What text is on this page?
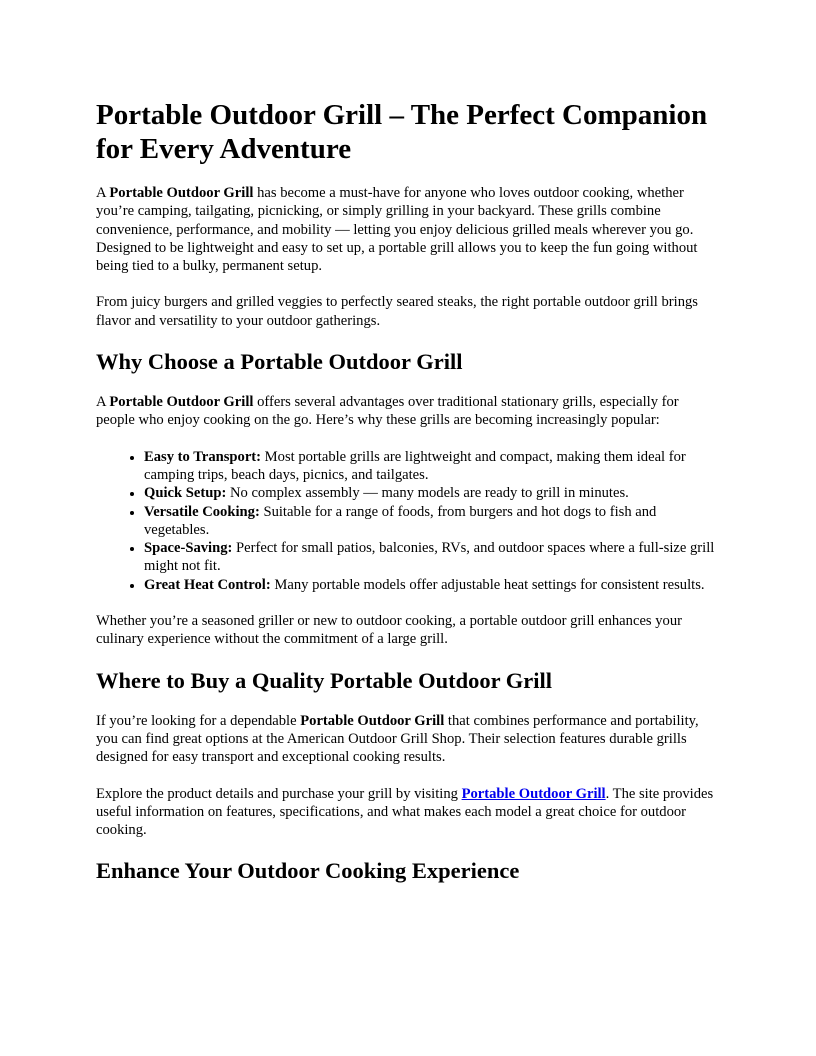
Portable Outdoor Grill – The Perfect Companion for Every Adventure

A Portable Outdoor Grill has become a must-have for anyone who loves outdoor cooking, whether you’re camping, tailgating, picnicking, or simply grilling in your backyard. These grills combine convenience, performance, and mobility — letting you enjoy delicious grilled meals wherever you go. Designed to be lightweight and easy to set up, a portable grill allows you to keep the fun going without being tied to a bulky, permanent setup.

From juicy burgers and grilled veggies to perfectly seared steaks, the right portable outdoor grill brings flavor and versatility to your outdoor gatherings.

Why Choose a Portable Outdoor Grill

A Portable Outdoor Grill offers several advantages over traditional stationary grills, especially for people who enjoy cooking on the go. Here’s why these grills are becoming increasingly popular:

• Easy to Transport: Most portable grills are lightweight and compact, making them ideal for camping trips, beach days, picnics, and tailgates.
• Quick Setup: No complex assembly — many models are ready to grill in minutes.
• Versatile Cooking: Suitable for a range of foods, from burgers and hot dogs to fish and vegetables.
• Space-Saving: Perfect for small patios, balconies, RVs, and outdoor spaces where a full-size grill might not fit.
• Great Heat Control: Many portable models offer adjustable heat settings for consistent results.

Whether you’re a seasoned griller or new to outdoor cooking, a portable outdoor grill enhances your culinary experience without the commitment of a large grill.

Where to Buy a Quality Portable Outdoor Grill

If you’re looking for a dependable Portable Outdoor Grill that combines performance and portability, you can find great options at the American Outdoor Grill Shop. Their selection features durable grills designed for easy transport and exceptional cooking results.

Explore the product details and purchase your grill by visiting Portable Outdoor Grill. The site provides useful information on features, specifications, and what makes each model a great choice for outdoor cooking.

Enhance Your Outdoor Cooking Experience
